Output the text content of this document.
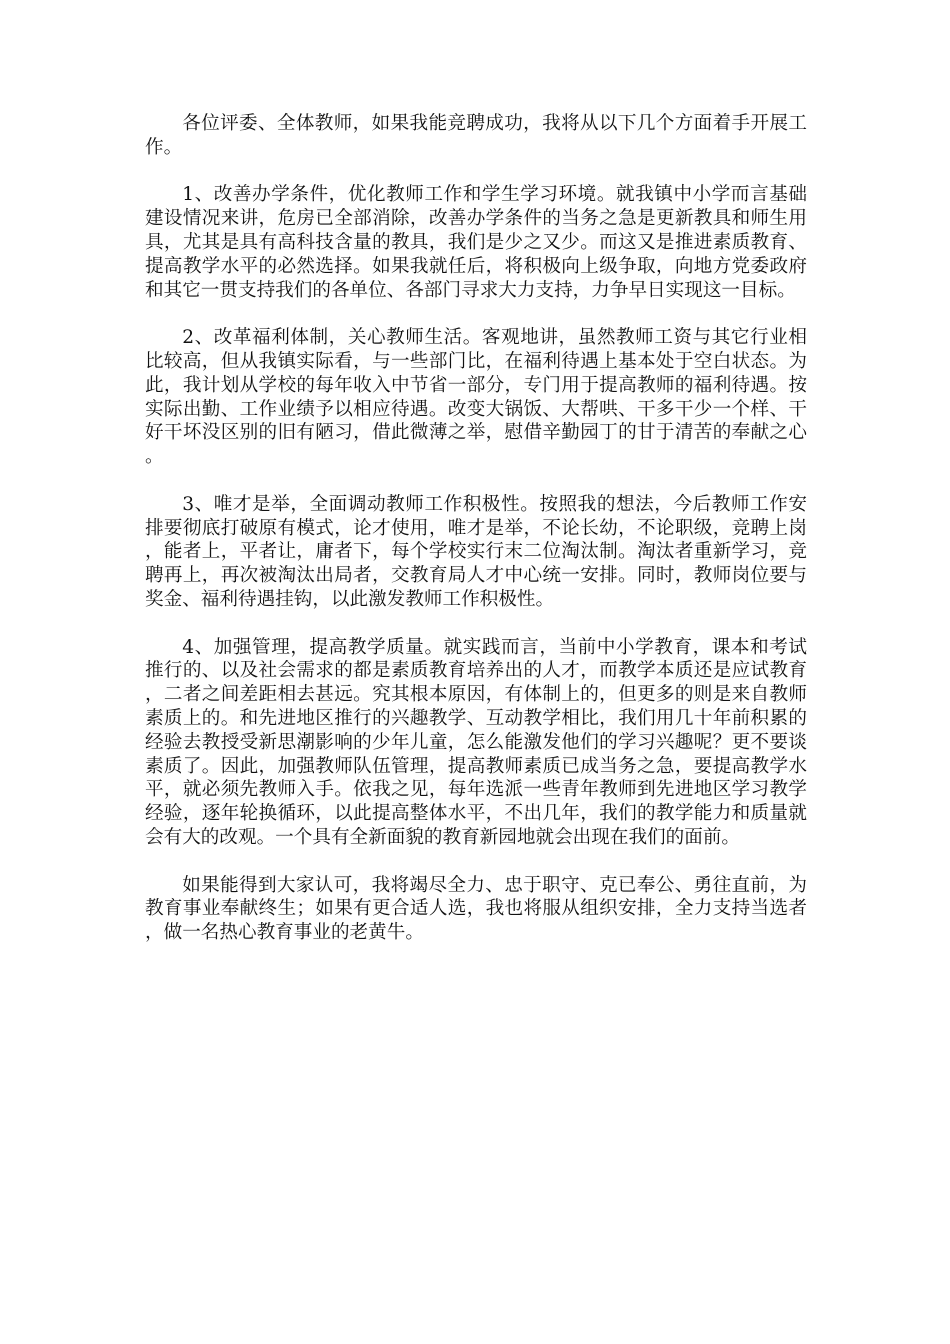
各位评委、全体教师，如果我能竞聘成功，我将从以下几个方面着手开展工作。

1、改善办学条件，优化教师工作和学生学习环境。就我镇中小学而言基础建设情况来讲，危房已全部消除，改善办学条件的当务之急是更新教具和师生用具，尤其是具有高科技含量的教具，我们是少之又少。而这又是推进素质教育、提高教学水平的必然选择。如果我就任后，将积极向上级争取，向地方党委政府和其它一贯支持我们的各单位、各部门寻求大力支持，力争早日实现这一目标。

2、改革福利体制，关心教师生活。客观地讲，虽然教师工资与其它行业相比较高，但从我镇实际看，与一些部门比，在福利待遇上基本处于空白状态。为此，我计划从学校的每年收入中节省一部分，专门用于提高教师的福利待遇。按实际出勤、工作业绩予以相应待遇。改变大锅饭、大帮哄、干多干少一个样、干好干坏没区别的旧有陋习，借此微薄之举，慰借辛勤园丁的甘于清苦的奉献之心。

3、唯才是举，全面调动教师工作积极性。按照我的想法，今后教师工作安排要彻底打破原有模式，论才使用，唯才是举，不论长幼，不论职级，竞聘上岗，能者上，平者让，庸者下，每个学校实行末二位淘汰制。淘汰者重新学习，竞聘再上，再次被淘汰出局者，交教育局人才中心统一安排。同时，教师岗位要与奖金、福利待遇挂钩，以此激发教师工作积极性。

4、加强管理，提高教学质量。就实践而言，当前中小学教育，课本和考试推行的、以及社会需求的都是素质教育培养出的人才，而教学本质还是应试教育，二者之间差距相去甚远。究其根本原因，有体制上的，但更多的则是来自教师素质上的。和先进地区推行的兴趣教学、互动教学相比，我们用几十年前积累的经验去教授受新思潮影响的少年儿童，怎么能激发他们的学习兴趣呢？更不要谈素质了。因此，加强教师队伍管理，提高教师素质已成当务之急，要提高教学水平，就必须先教师入手。依我之见，每年选派一些青年教师到先进地区学习教学经验，逐年轮换循环，以此提高整体水平，不出几年，我们的教学能力和质量就会有大的改观。一个具有全新面貌的教育新园地就会出现在我们的面前。

如果能得到大家认可，我将竭尽全力、忠于职守、克已奉公、勇往直前，为教育事业奉献终生；如果有更合适人选，我也将服从组织安排，全力支持当选者，做一名热心教育事业的老黄牛。
